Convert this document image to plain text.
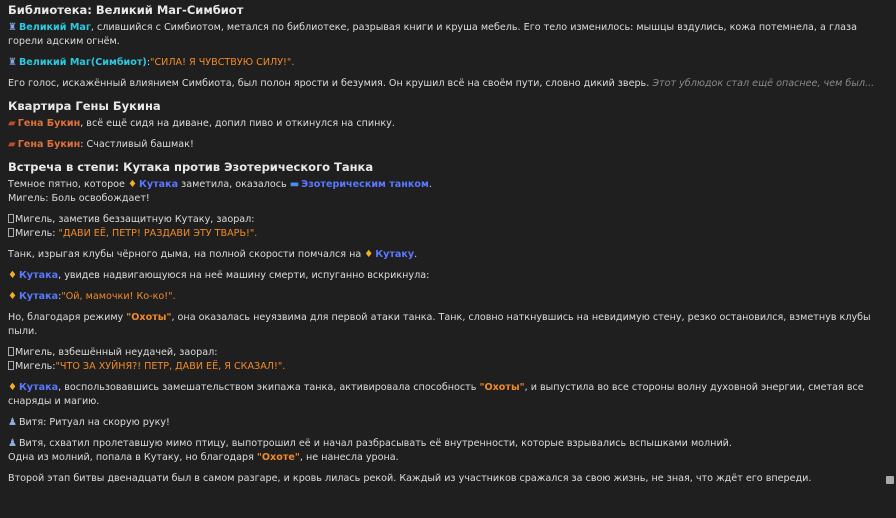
Библиотека: Великий Маг-Симбиот
♜ Великий Маг, слившийся с Симбиотом, метался по библиотеке, разрывая книги и круша мебель. Его тело изменилось: мышцы вздулись, кожа потемнела, а глаза горели адским огнём.
♜ Великий Маг(Симбиот):"СИЛА! Я ЧУВСТВУЮ СИЛУ!".
Его голос, искажённый влиянием Симбиота, был полон ярости и безумия. Он крушил всё на своём пути, словно дикий зверь. Этот ублюдок стал ещё опаснее, чем был...
Квартира Гены Букина
▰ Гена Букин, всё ещё сидя на диване, допил пиво и откинулся на спинку.
▰ Гена Букин: Счастливый башмак!
Встреча в степи: Кутака против Эзотерического Танка
Темное пятно, которое ♦ Кутака заметила, оказалось ▬ Эзотерическим танком.
Мигель: Боль освобождает!
Мигель, заметив беззащитную Кутаку, заорал:
Мигель: "ДАВИ ЕЁ, ПЕТР! РАЗДАВИ ЭТУ ТВАРЬ!".
Танк, изрыгая клубы чёрного дыма, на полной скорости помчался на ♦ Кутаку.
♦ Кутака, увидев надвигающуюся на неё машину смерти, испуганно вскрикнула:
♦ Кутака:"Ой, мамочки! Ко-ко!".
Но, благодаря режиму "Охоты", она оказалась неуязвима для первой атаки танка. Танк, словно наткнувшись на невидимую стену, резко остановился, взметнув клубы пыли.
Мигель, взбешённый неудачей, заорал:
Мигель:"ЧТО ЗА ХУЙНЯ?! ПЕТР, ДАВИ ЕЁ, Я СКАЗАЛ!".
♦ Кутака, воспользовавшись замешательством экипажа танка, активировала способность "Охоты", и выпустила во все стороны волну духовной энергии, сметая все снаряды и магию.
♟ Витя: Ритуал на скорую руку!
♟ Витя, схватил пролетавшую мимо птицу, выпотрошил её и начал разбрасывать её внутренности, которые взрывались вспышками молний.
Одна из молний, попала в Кутаку, но благодаря "Охоте", не нанесла урона.
Второй этап битвы двенадцати был в самом разгаре, и кровь лилась рекой. Каждый из участников сражался за свою жизнь, не зная, что ждёт его впереди.
